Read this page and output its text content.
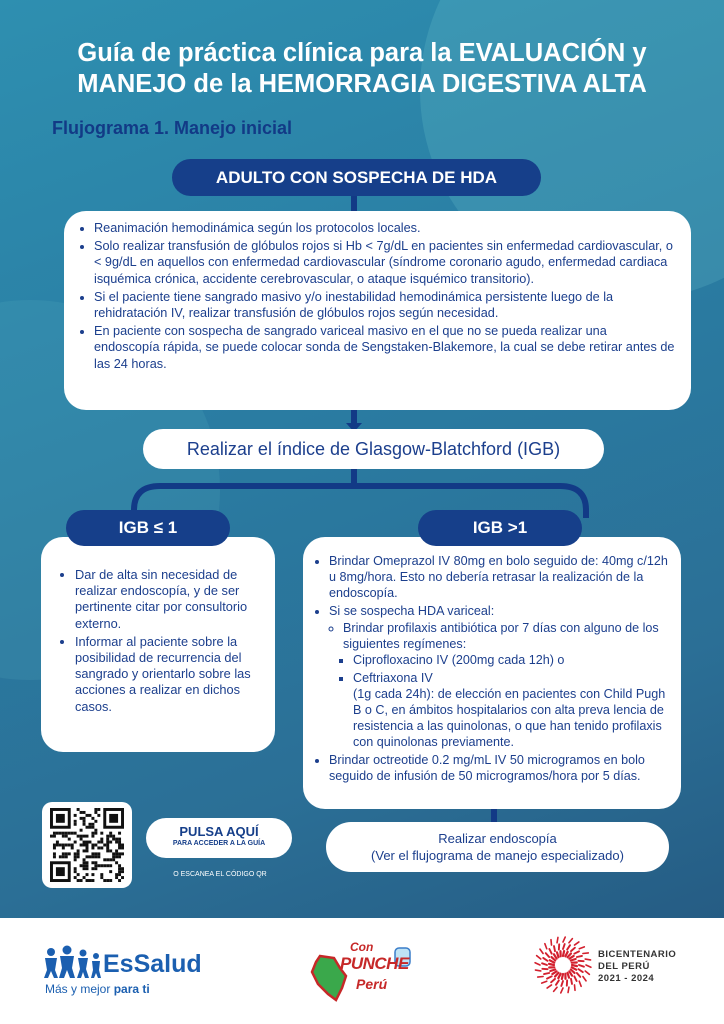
Guía de práctica clínica para la EVALUACIÓN y
MANEJO de la HEMORRAGIA DIGESTIVA ALTA
Flujograma 1. Manejo inicial
ADULTO CON SOSPECHA DE HDA
• Reanimación hemodinámica según los protocolos locales.
• Solo realizar transfusión de glóbulos rojos si Hb < 7g/dL en pacientes sin enfermedad cardiovascular, o < 9g/dL en aquellos con enfermedad cardiovascular (síndrome coronario agudo, enfermedad cardiaca isquémica crónica, accidente cerebrovascular, o ataque isquémico transitorio).
• Si el paciente tiene sangrado masivo y/o inestabilidad hemodinámica persistente luego de la rehidratación IV, realizar transfusión de glóbulos rojos según necesidad.
• En paciente con sospecha de sangrado variceal masivo en el que no se pueda realizar una endoscopía rápida, se puede colocar sonda de Sengstaken-Blakemore, la cual se debe retirar antes de las 24 horas.
Realizar el índice de Glasgow-Blatchford (IGB)
• Dar de alta sin necesidad de realizar endoscopía, y de ser pertinente citar por consultorio externo.
• Informar al paciente sobre la posibilidad de recurrencia del sangrado y orientarlo sobre las acciones a realizar en dichos casos.
IGB ≤ 1
• Brindar Omeprazol IV 80mg en bolo seguido de: 40mg c/12h u 8mg/hora. Esto no debería retrasar la realización de la endoscopía.
• Si se sospecha HDA variceal:
◦ Brindar profilaxis antibiótica por 7 días con alguno de los siguientes regímenes:
▪ Ciprofloxacino IV (200mg cada 12h) o
▪ Ceftriaxona IV
(1g cada 24h): de elección en pacientes con Child Pugh B o C, en ámbitos hospitalarios con alta preva lencia de resistencia a las quinolonas, o que han tenido profilaxis con quinolonas previamente.
• Brindar octreotide 0.2 mg/mL IV 50 microgramos en bolo seguido de infusión de 50 microgramos/hora por 5 días.
IGB >1
Realizar endoscopía
(Ver el flujograma de manejo especializado)
PULSA AQUÍ
PARA ACCEDER A LA GUÍA
O ESCANEA EL CÓDIGO QR
EsSalud
Más y mejor para ti
Con
PUNCHE
Perú
BICENTENARIO
DEL PERÚ
2021 - 2024
